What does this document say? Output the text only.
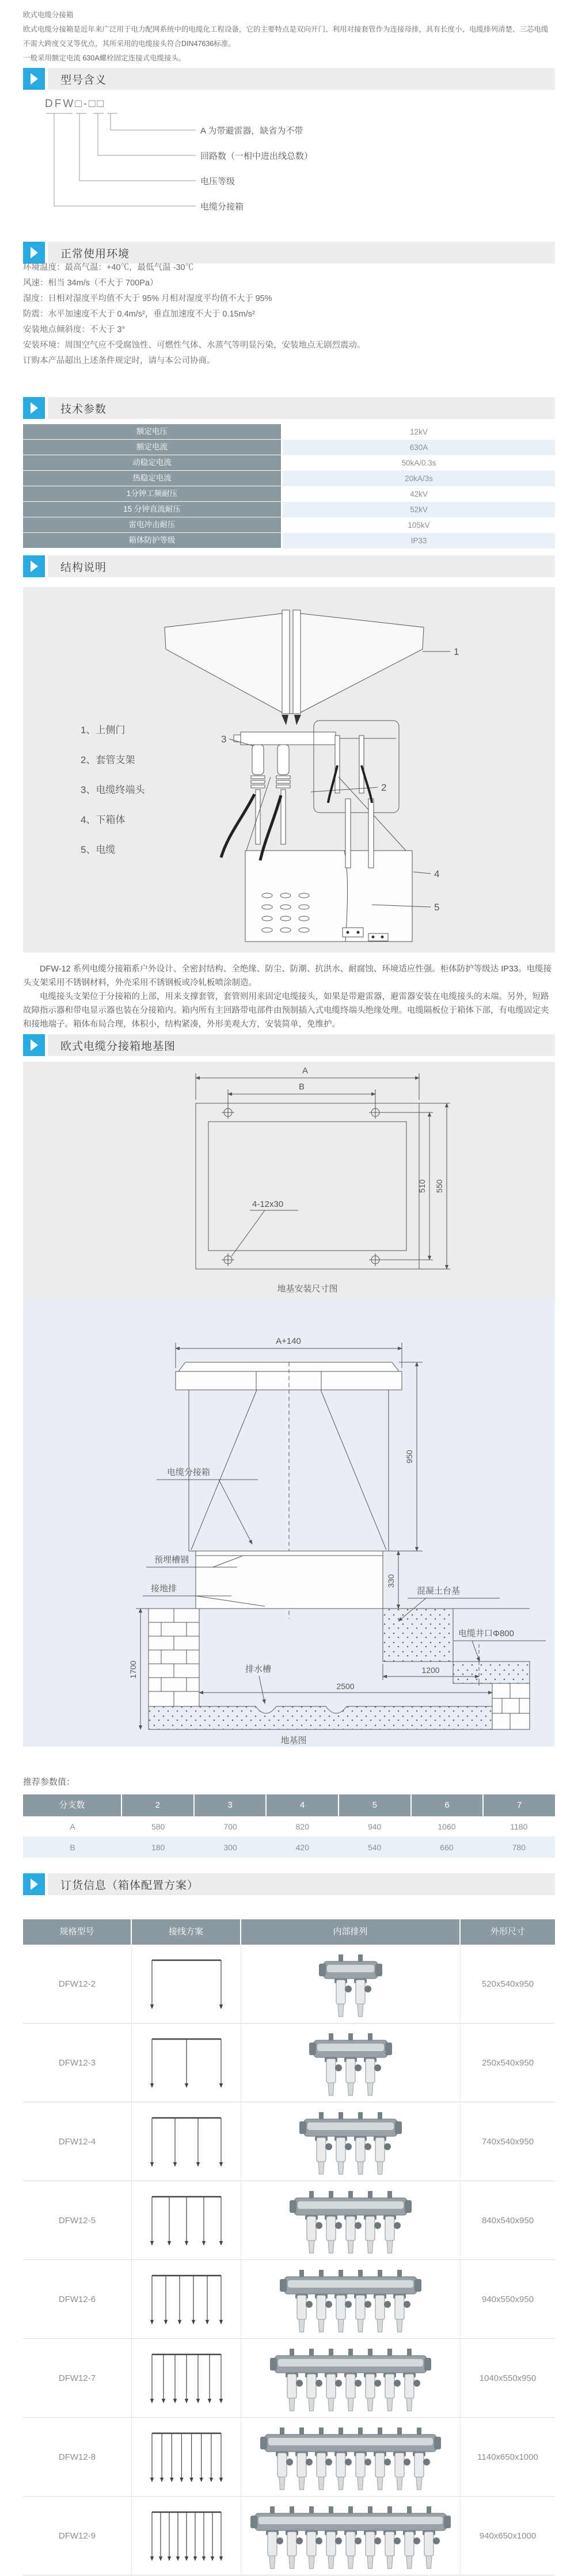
欧式电缆分接箱
欧式电缆分接箱是近年来广泛用于电力配网系统中的电缆化工程设备，它的主要特点是双向开门、利用对接套管作为连接母排，具有长度小、电缆排列清楚、三芯电缆不需大跨度交叉等优点，其所采用的电缆接头符合DIN47636标准。
一般采用额定电流 630A螺栓固定连接式电缆接头。
型号含义
正常使用环境
技术参数
结构说明
欧式电缆分接箱地基图
订货信息（箱体配置方案）
DFW□-□□
A 为带避雷器，缺省为不带
回路数（一相中进出线总数）
电压等级
电缆分接箱
环境温度：最高气温：+40℃，最低气温 -30℃
风速：相当 34m/s（不大于 700Pa）
湿度：日相对湿度平均值不大于 95% 月相对湿度平均值不大于 95%
防震：水平加速度不大于 0.4m/s²，垂直加速度不大于 0.15m/s²
安装地点倾斜度：不大于 3°
安装环境：周围空气应不受腐蚀性、可燃性气体、水蒸气等明显污染，安装地点无剧烈震动。
订购本产品超出上述条件规定时，请与本公司协商。
额定电压	12kV
额定电流	630A
动稳定电流	50kA/0.3s
热稳定电流	20kA/3s
1分钟工频耐压	42kV
15 分钟直流耐压	52kV
雷电冲击耐压	105kV
箱体防护等级	IP33
1
2
3
4
5
1、上侧门
2、套管支架
3、电缆终端头
4、下箱体
5、电缆

DFW-12 系列电缆分接箱系户外设计、全密封结构、全绝缘、防尘、防潮、抗洪水、耐腐蚀、环境适应性强。柜体防护等级达 IP33。电缆接头支架采用不锈钢材料，外壳采用不锈钢板或冷轧板喷涂制造。

电缆接头支架位于分接箱的上部，用来支撑套管，套管则用来固定电缆接头，如果是带避雷器，避雷器安装在电缆接头的末端。另外，短路故障指示器和带电显示器也装在分接箱内。箱内所有主回路带电部件由预制插入式电缆终端头绝缘处理。电缆隔板位于箱体下部，有电缆固定夹和接地端子。箱体布局合理，体积小，结构紧凑，外形美观大方，安装简单，免维护。

A
B
510 550
4-12x30
地基安装尺寸图
A+140
950
330
1700	1200
2500
电缆分接箱
预埋槽钢
接地排	混凝土台基
电缆井口Φ800
排水槽
地基图
推荐参数值：
分支数	2	3	4	5	6	7
A	580	700	820	940	1060	1180
B	180	300	420	540	660	780
规格型号	接线方案	内部排列	外形尺寸
DFW12-2	520x540x950
DFW12-3	250x540x950
DFW12-4	740x540x950
DFW12-5	840x540x950
DFW12-6	940x550x950
DFW12-7	1040x550x950
DFW12-8	1140x650x1000
DFW12-9	940x650x1000
